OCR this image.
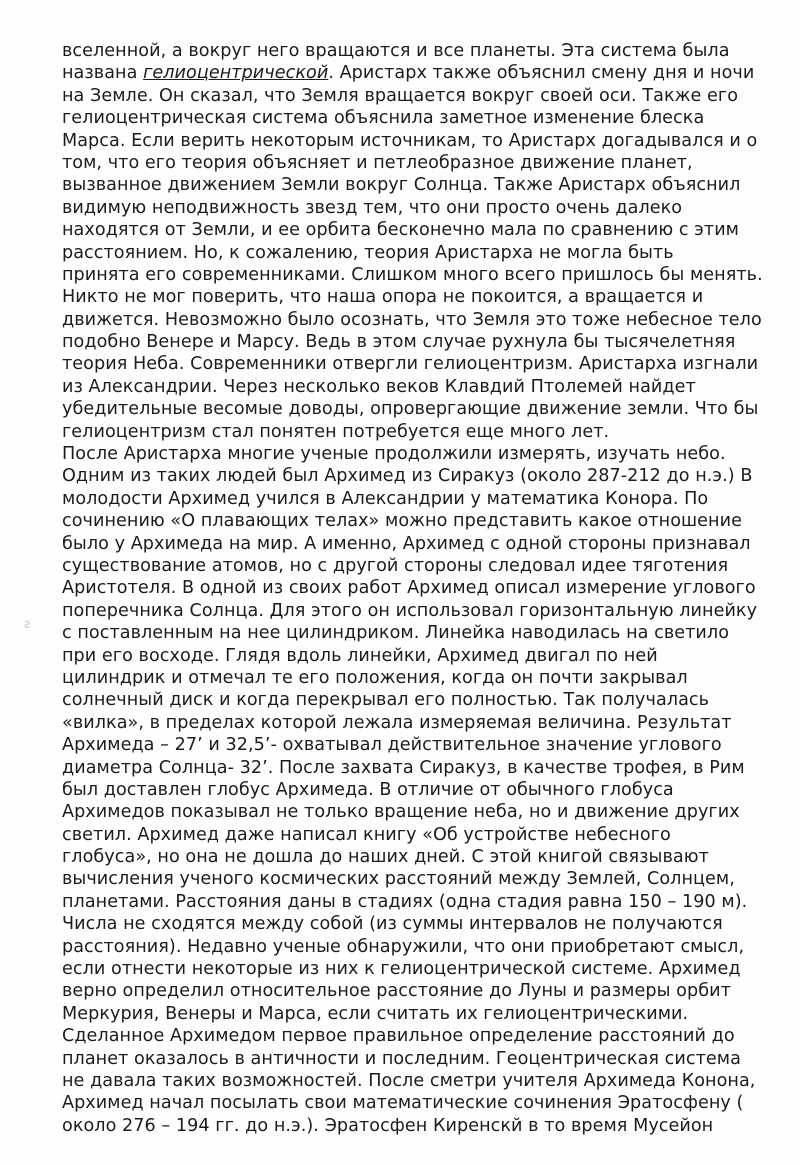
вселенной, а вокруг него вращаются и все планеты. Эта система была
названа гелиоцентрической. Аристарх также объяснил смену дня и ночи
на Земле. Он сказал, что Земля вращается вокруг своей оси. Также его
гелиоцентрическая система объяснила заметное изменение блеска
Марса. Если верить некоторым источникам, то Аристарх догадывался и о
том, что его теория объясняет и петлеобразное движение планет,
вызванное движением Земли вокруг Солнца. Также Аристарх объяснил
видимую неподвижность звезд тем, что они просто очень далеко
находятся от Земли, и ее орбита бесконечно мала по сравнению с этим
расстоянием. Но, к сожалению, теория Аристарха не могла быть
принята его современниками. Слишком много всего пришлось бы менять.
Никто не мог поверить, что наша опора не покоится, а вращается и
движется. Невозможно было осознать, что Земля это тоже небесное тело
подобно Венере и Марсу. Ведь в этом случае рухнула бы тысячелетняя
теория Неба. Современники отвергли гелиоцентризм. Аристарха изгнали
из Александрии. Через несколько веков Клавдий Птолемей найдет
убедительные весомые доводы, опровергающие движение земли. Что бы
гелиоцентризм стал понятен потребуется еще много лет.
После Аристарха многие ученые продолжили измерять, изучать небо.
Одним из таких людей был Архимед из Сиракуз (около 287-212 до н.э.) В
молодости Архимед учился в Александрии у математика Конора. По
сочинению «О плавающих телах» можно представить какое отношение
было у Архимеда на мир. А именно, Архимед с одной стороны признавал
существование атомов, но с другой стороны следовал идее тяготения
Аристотеля. В одной из своих работ Архимед описал измерение углового
поперечника Солнца. Для этого он использовал горизонтальную линейку
с поставленным на нее цилиндриком. Линейка наводилась на светило
при его восходе. Глядя вдоль линейки, Архимед двигал по ней
цилиндрик и отмечал те его положения, когда он почти закрывал
солнечный диск и когда перекрывал его полностью. Так получалась
«вилка», в пределах которой лежала измеряемая величина. Результат
Архимеда – 27’ и 32,5’- охватывал действительное значение углового
диаметра Солнца- 32’. После захвата Сиракуз, в качестве трофея, в Рим
был доставлен глобус Архимеда. В отличие от обычного глобуса
Архимедов показывал не только вращение неба, но и движение других
светил. Архимед даже написал книгу «Об устройстве небесного
глобуса», но она не дошла до наших дней. С этой книгой связывают
вычисления ученого космических расстояний между Землей, Солнцем,
планетами. Расстояния даны в стадиях (одна стадия равна 150 – 190 м).
Числа не сходятся между собой (из суммы интервалов не получаются
расстояния). Недавно ученые обнаружили, что они приобретают смысл,
если отнести некоторые из них к гелиоцентрической системе. Архимед
верно определил относительное расстояние до Луны и размеры орбит
Меркурия, Венеры и Марса, если считать их гелиоцентрическими.
Сделанное Архимедом первое правильное определение расстояний до
планет оказалось в античности и последним. Геоцентрическая система
не давала таких возможностей. После сметри учителя Архимеда Конона,
Архимед начал посылать свои математические сочинения Эратосфену (
около 276 – 194 гг. до н.э.). Эратосфен Киренскй в то время Мусейон
ƨ
